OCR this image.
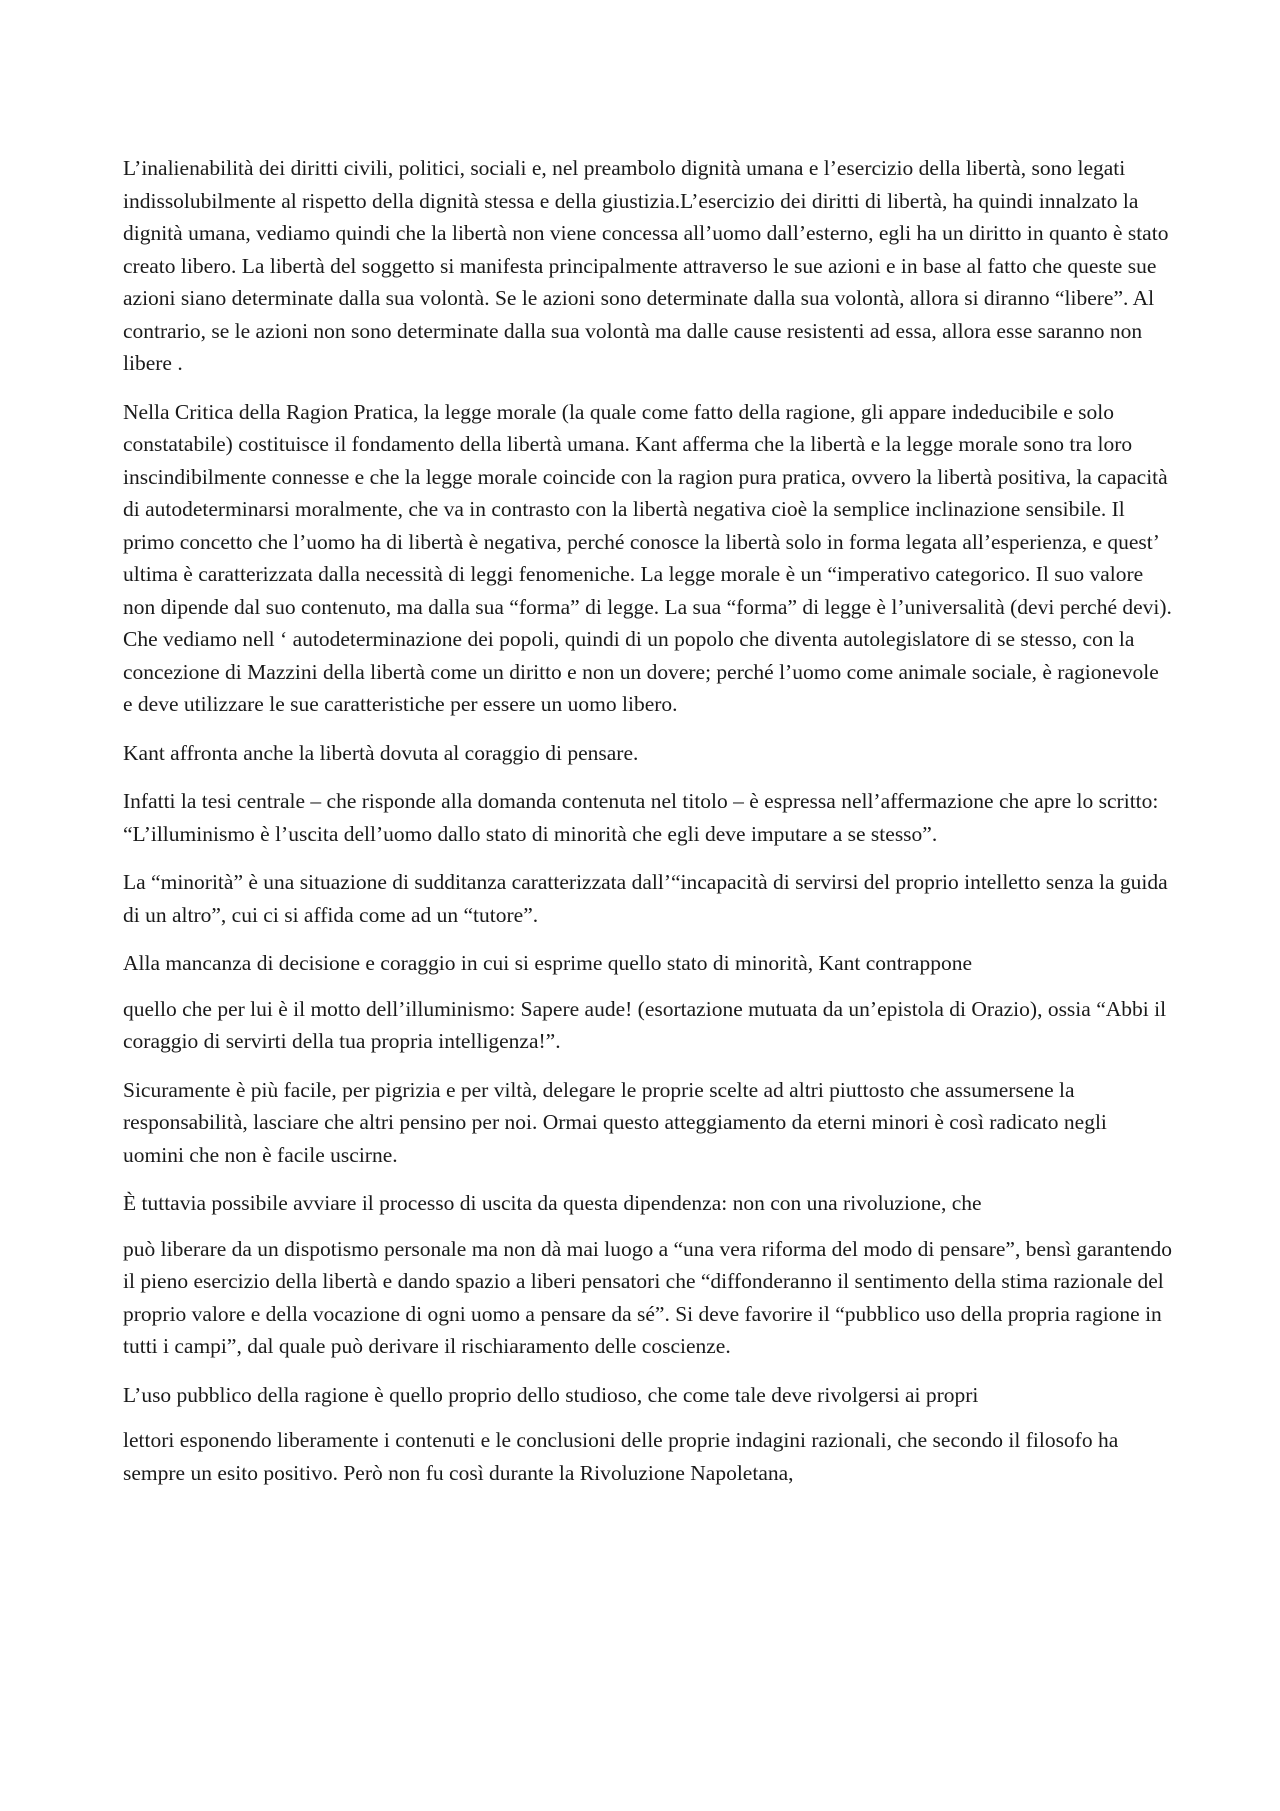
L’inalienabilità dei diritti civili, politici, sociali e, nel preambolo dignità umana e l’esercizio della libertà, sono legati indissolubilmente al rispetto della dignità stessa e della giustizia.L’esercizio dei diritti di libertà, ha quindi innalzato la dignità umana, vediamo quindi che la libertà non viene concessa all’uomo dall’esterno, egli ha un diritto in quanto è stato creato libero. La libertà del soggetto si manifesta principalmente attraverso le sue azioni e in base al fatto che queste sue azioni siano determinate dalla sua volontà. Se le azioni sono determinate dalla sua volontà, allora si diranno “libere”. Al contrario, se le azioni non sono determinate dalla sua volontà ma dalle cause resistenti ad essa, allora esse saranno non libere .

Nella Critica della Ragion Pratica, la legge morale (la quale come fatto della ragione, gli appare indeducibile e solo constatabile) costituisce il fondamento della libertà umana. Kant afferma che la libertà e la legge morale sono tra loro inscindibilmente connesse e che la legge morale coincide con la ragion pura pratica, ovvero la libertà positiva, la capacità di autodeterminarsi moralmente, che va in contrasto con la libertà negativa cioè la semplice inclinazione sensibile. Il primo concetto che l’uomo ha di libertà è negativa, perché conosce la libertà solo in forma legata all’esperienza, e quest’ ultima è caratterizzata dalla necessità di leggi fenomeniche. La legge morale è un “imperativo categorico. Il suo valore non dipende dal suo contenuto, ma dalla sua “forma” di legge. La sua “forma” di legge è l’universalità (devi perché devi). Che vediamo nell ‘ autodeterminazione dei popoli, quindi di un popolo che diventa autolegislatore di se stesso, con la concezione di Mazzini della libertà come un diritto e non un dovere; perché l’uomo come animale sociale, è ragionevole e deve utilizzare le sue caratteristiche per essere un uomo libero.

Kant affronta anche la libertà dovuta al coraggio di pensare.

Infatti la tesi centrale – che risponde alla domanda contenuta nel titolo – è espressa nell’affermazione che apre lo scritto: “L’illuminismo è l’uscita dell’uomo dallo stato di minorità che egli deve imputare a se stesso”.

La “minorità” è una situazione di sudditanza caratterizzata dall’“incapacità di servirsi del proprio intelletto senza la guida di un altro”, cui ci si affida come ad un “tutore”.

Alla mancanza di decisione e coraggio in cui si esprime quello stato di minorità, Kant contrappone

quello che per lui è il motto dell’illuminismo: Sapere aude! (esortazione mutuata da un’epistola di Orazio), ossia “Abbi il coraggio di servirti della tua propria intelligenza!”.

Sicuramente è più facile, per pigrizia e per viltà, delegare le proprie scelte ad altri piuttosto che assumersene la responsabilità, lasciare che altri pensino per noi. Ormai questo atteggiamento da eterni minori è così radicato negli uomini che non è facile uscirne.

È tuttavia possibile avviare il processo di uscita da questa dipendenza: non con una rivoluzione, che

può liberare da un dispotismo personale ma non dà mai luogo a “una vera riforma del modo di pensare”, bensì garantendo il pieno esercizio della libertà e dando spazio a liberi pensatori che “diffonderanno il sentimento della stima razionale del proprio valore e della vocazione di ogni uomo a pensare da sé”. Si deve favorire il “pubblico uso della propria ragione in tutti i campi”, dal quale può derivare il rischiaramento delle coscienze.

L’uso pubblico della ragione è quello proprio dello studioso, che come tale deve rivolgersi ai propri

lettori esponendo liberamente i contenuti e le conclusioni delle proprie indagini razionali, che secondo il filosofo ha sempre un esito positivo. Però non fu così durante la Rivoluzione Napoletana,
